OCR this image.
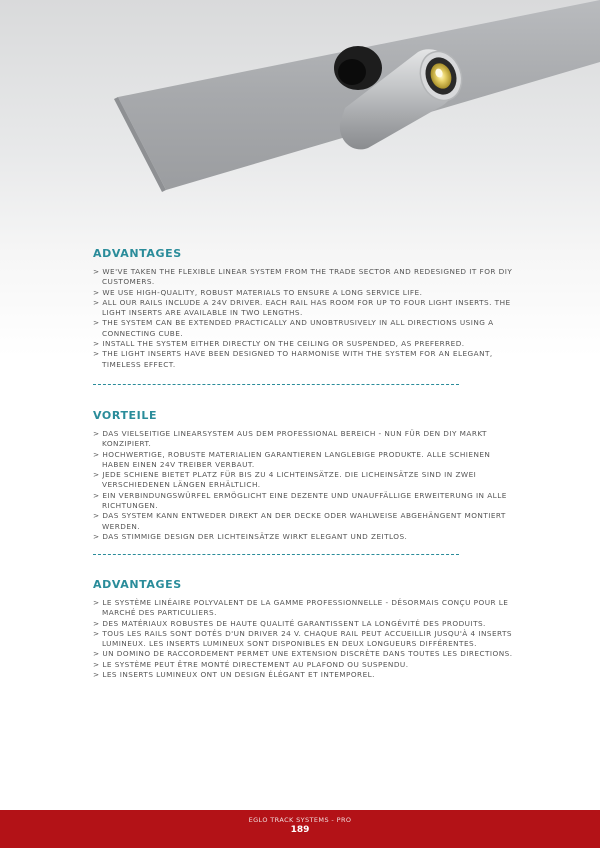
ADVANTAGES
> WE'VE TAKEN THE FLEXIBLE LINEAR SYSTEM FROM THE TRADE SECTOR AND REDESIGNED IT FOR DIY CUSTOMERS.
> WE USE HIGH-QUALITY, ROBUST MATERIALS TO ENSURE A LONG SERVICE LIFE.
> ALL OUR RAILS INCLUDE A 24V DRIVER. EACH RAIL HAS ROOM FOR UP TO FOUR LIGHT INSERTS. THE LIGHT INSERTS ARE AVAILABLE IN TWO LENGTHS.
> THE SYSTEM CAN BE EXTENDED PRACTICALLY AND UNOBTRUSIVELY IN ALL DIRECTIONS USING A CONNECTING CUBE.
> INSTALL THE SYSTEM EITHER DIRECTLY ON THE CEILING OR SUSPENDED, AS PREFERRED.
> THE LIGHT INSERTS HAVE BEEN DESIGNED TO HARMONISE WITH THE SYSTEM FOR AN ELEGANT, TIMELESS EFFECT.
VORTEILE
> DAS VIELSEITIGE LINEARSYSTEM AUS DEM PROFESSIONAL BEREICH - NUN FÜR DEN DIY MARKT KONZIPIERT.
> HOCHWERTIGE, ROBUSTE MATERIALIEN GARANTIEREN LANGLEBIGE PRODUKTE. ALLE SCHIENEN HABEN EINEN 24V TREIBER VERBAUT.
> JEDE SCHIENE BIETET PLATZ FÜR BIS ZU 4 LICHTEINSÄTZE. DIE LICHEINSÄTZE SIND IN ZWEI VERSCHIEDENEN LÄNGEN ERHÄLTLICH.
> EIN VERBINDUNGSWÜRFEL ERMÖGLICHT EINE DEZENTE UND UNAUFFÄLLIGE ERWEITERUNG IN ALLE RICHTUNGEN.
> DAS SYSTEM KANN ENTWEDER DIREKT AN DER DECKE ODER WAHLWEISE ABGEHÄNGENT MONTIERT WERDEN.
> DAS STIMMIGE DESIGN DER LICHTEINSÄTZE WIRKT ELEGANT UND ZEITLOS.
ADVANTAGES
> LE SYSTÈME LINÉAIRE POLYVALENT DE LA GAMME PROFESSIONNELLE - DÉSORMAIS CONÇU POUR LE MARCHÉ DES PARTICULIERS.
> DES MATÉRIAUX ROBUSTES DE HAUTE QUALITÉ GARANTISSENT LA LONGÉVITÉ DES PRODUITS.
> TOUS LES RAILS SONT DOTÉS D'UN DRIVER 24 V. CHAQUE RAIL PEUT ACCUEILLIR JUSQU'À 4 INSERTS LUMINEUX. LES INSERTS LUMINEUX SONT DISPONIBLES EN DEUX LONGUEURS DIFFÉRENTES.
> UN DOMINO DE RACCORDEMENT PERMET UNE EXTENSION DISCRÈTE DANS TOUTES LES DIRECTIONS.
> LE SYSTÈME PEUT ÊTRE MONTÉ DIRECTEMENT AU PLAFOND OU SUSPENDU.
> LES INSERTS LUMINEUX ONT UN DESIGN ÉLÉGANT ET INTEMPOREL.
EGLO TRACK SYSTEMS - PRO
189
